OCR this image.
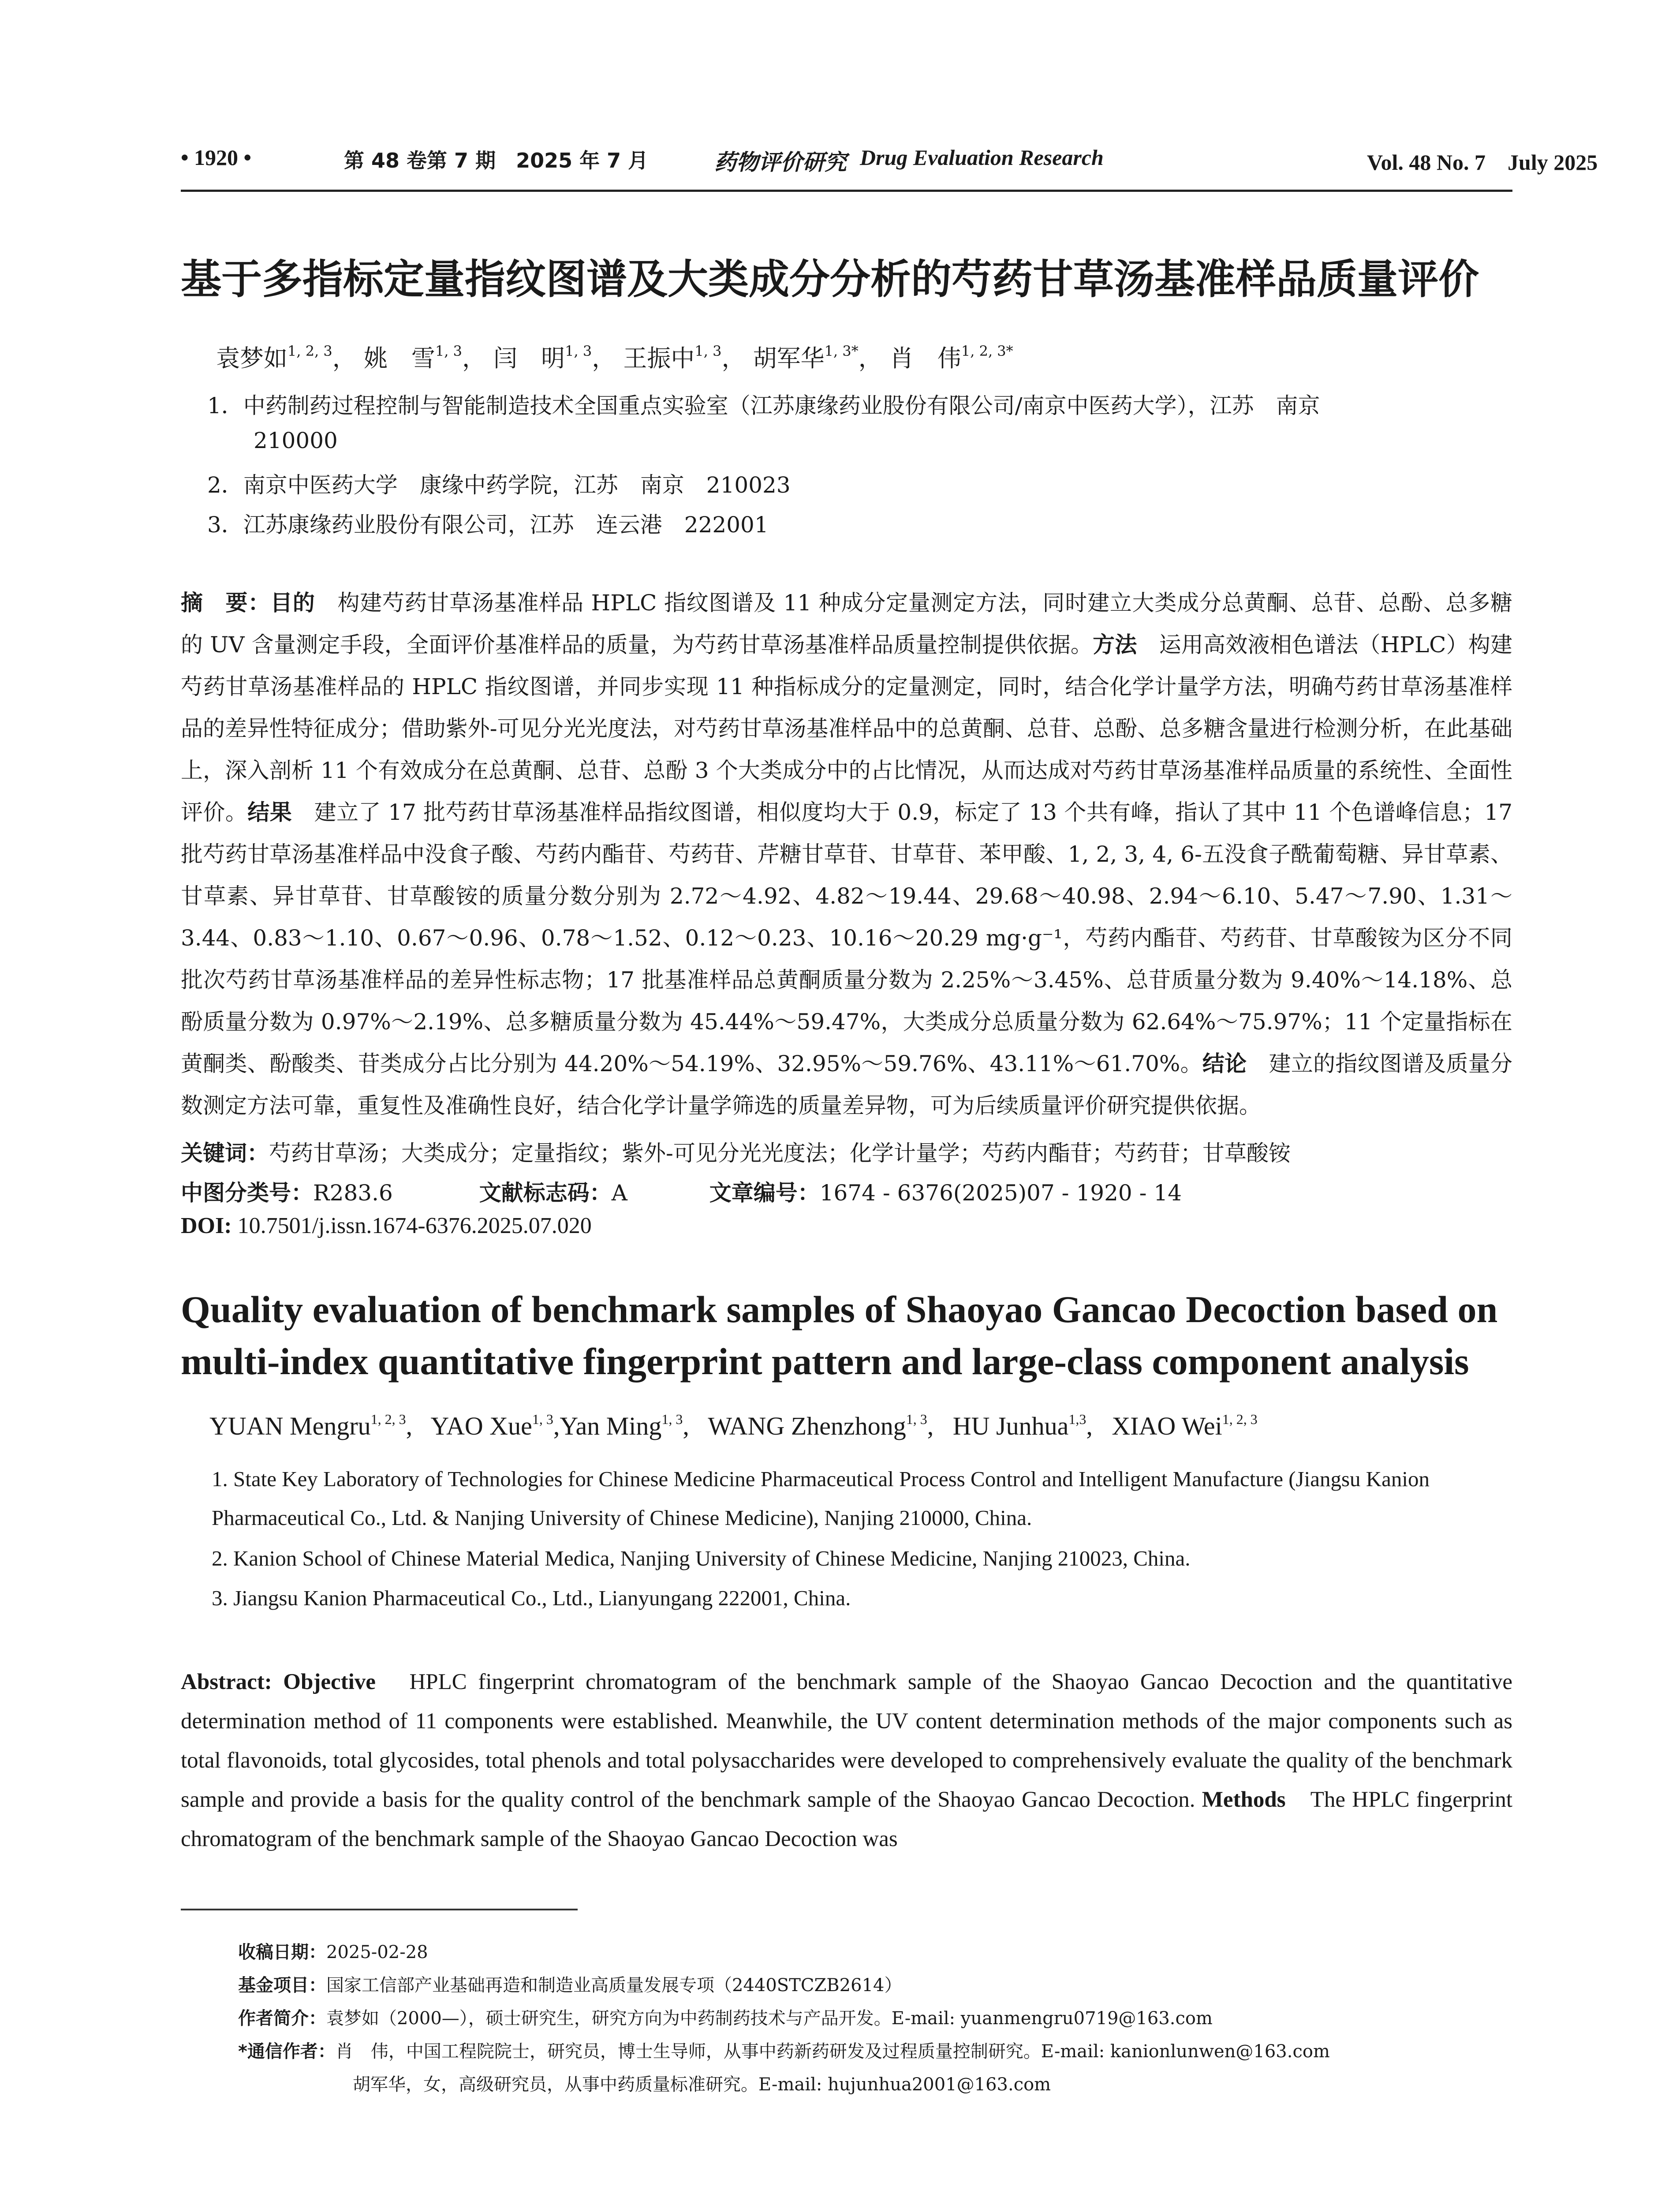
• 1920 •	第 48 卷第 7 期　2025 年 7 月	药物评价研究 Drug Evaluation Research	Vol. 48 No. 7　July 2025
基于多指标定量指纹图谱及大类成分分析的芍药甘草汤基准样品质量评价
袁梦如$^{1, 2, 3}$， 姚　雪$^{1, 3}$， 闫　明$^{1, 3}$， 王振中$^{1, 3}$， 胡军华$^{1, 3*}$， 肖　伟$^{1, 2, 3*}$
1．中药制药过程控制与智能制造技术全国重点实验室（江苏康缘药业股份有限公司/南京中医药大学），江苏　南京
210000
2．南京中医药大学　康缘中药学院，江苏　南京　210023
3．江苏康缘药业股份有限公司，江苏　连云港　222001
摘　要：目的　构建芍药甘草汤基准样品 HPLC 指纹图谱及 11 种成分定量测定方法，同时建立大类成分总黄酮、总苷、总酚、总多糖的 UV 含量测定手段，全面评价基准样品的质量，为芍药甘草汤基准样品质量控制提供依据。方法　运用高效液相色谱法（HPLC）构建芍药甘草汤基准样品的 HPLC 指纹图谱，并同步实现 11 种指标成分的定量测定，同时，结合化学计量学方法，明确芍药甘草汤基准样品的差异性特征成分；借助紫外-可见分光光度法，对芍药甘草汤基准样品中的总黄酮、总苷、总酚、总多糖含量进行检测分析，在此基础上，深入剖析 11 个有效成分在总黄酮、总苷、总酚 3 个大类成分中的占比情况，从而达成对芍药甘草汤基准样品质量的系统性、全面性评价。结果　建立了 17 批芍药甘草汤基准样品指纹图谱，相似度均大于 0.9，标定了 13 个共有峰，指认了其中 11 个色谱峰信息；17 批芍药甘草汤基准样品中没食子酸、芍药内酯苷、芍药苷、芹糖甘草苷、甘草苷、苯甲酸、1, 2, 3, 4, 6-五没食子酰葡萄糖、异甘草素、甘草素、异甘草苷、甘草酸铵的质量分数分别为 2.72～4.92、4.82～19.44、29.68～40.98、2.94～6.10、5.47～7.90、1.31～3.44、0.83～1.10、0.67～0.96、0.78～1.52、0.12～0.23、10.16～20.29 mg·g⁻¹，芍药内酯苷、芍药苷、甘草酸铵为区分不同批次芍药甘草汤基准样品的差异性标志物；17 批基准样品总黄酮质量分数为 2.25%～3.45%、总苷质量分数为 9.40%～14.18%、总酚质量分数为 0.97%～2.19%、总多糖质量分数为 45.44%～59.47%，大类成分总质量分数为 62.64%～75.97%；11 个定量指标在黄酮类、酚酸类、苷类成分占比分别为 44.20%～54.19%、32.95%～59.76%、43.11%～61.70%。结论　建立的指纹图谱及质量分数测定方法可靠，重复性及准确性良好，结合化学计量学筛选的质量差异物，可为后续质量评价研究提供依据。
关键词：芍药甘草汤；大类成分；定量指纹；紫外-可见分光光度法；化学计量学；芍药内酯苷；芍药苷；甘草酸铵
中图分类号：R283.6	文献标志码：A	文章编号：1674 - 6376(2025)07 - 1920 - 14
DOI: 10.7501/j.issn.1674-6376.2025.07.020
Quality evaluation of benchmark samples of Shaoyao Gancao Decoction based on multi-index quantitative fingerprint pattern and large-class component analysis
YUAN Mengru$^{1, 2, 3}$,   YAO Xue$^{1, 3}$,Yan Ming$^{1, 3}$,   WANG Zhenzhong$^{1, 3}$,   HU Junhua$^{1,3}$,   XIAO Wei$^{1, 2, 3}$
1. State Key Laboratory of Technologies for Chinese Medicine Pharmaceutical Process Control and Intelligent Manufacture (Jiangsu Kanion Pharmaceutical Co., Ltd. & Nanjing University of Chinese Medicine), Nanjing 210000, China.
2. Kanion School of Chinese Material Medica, Nanjing University of Chinese Medicine, Nanjing 210023, China.
3. Jiangsu Kanion Pharmaceutical Co., Ltd., Lianyungang 222001, China.
Abstract: Objective　HPLC fingerprint chromatogram of the benchmark sample of the Shaoyao Gancao Decoction and the quantitative determination method of 11 components were established. Meanwhile, the UV content determination methods of the major components such as total flavonoids, total glycosides, total phenols and total polysaccharides were developed to comprehensively evaluate the quality of the benchmark sample and provide a basis for the quality control of the benchmark sample of the Shaoyao Gancao Decoction. Methods　The HPLC fingerprint chromatogram of the benchmark sample of the Shaoyao Gancao Decoction was
收稿日期：2025-02-28
基金项目：国家工信部产业基础再造和制造业高质量发展专项（2440STCZB2614）
作者简介：袁梦如（2000—），硕士研究生，研究方向为中药制药技术与产品开发。E-mail: yuanmengru0719@163.com
*通信作者：肖　伟，中国工程院院士，研究员，博士生导师，从事中药新药研发及过程质量控制研究。E-mail: kanionlunwen@163.com
胡军华，女，高级研究员，从事中药质量标准研究。E-mail: hujunhua2001@163.com
